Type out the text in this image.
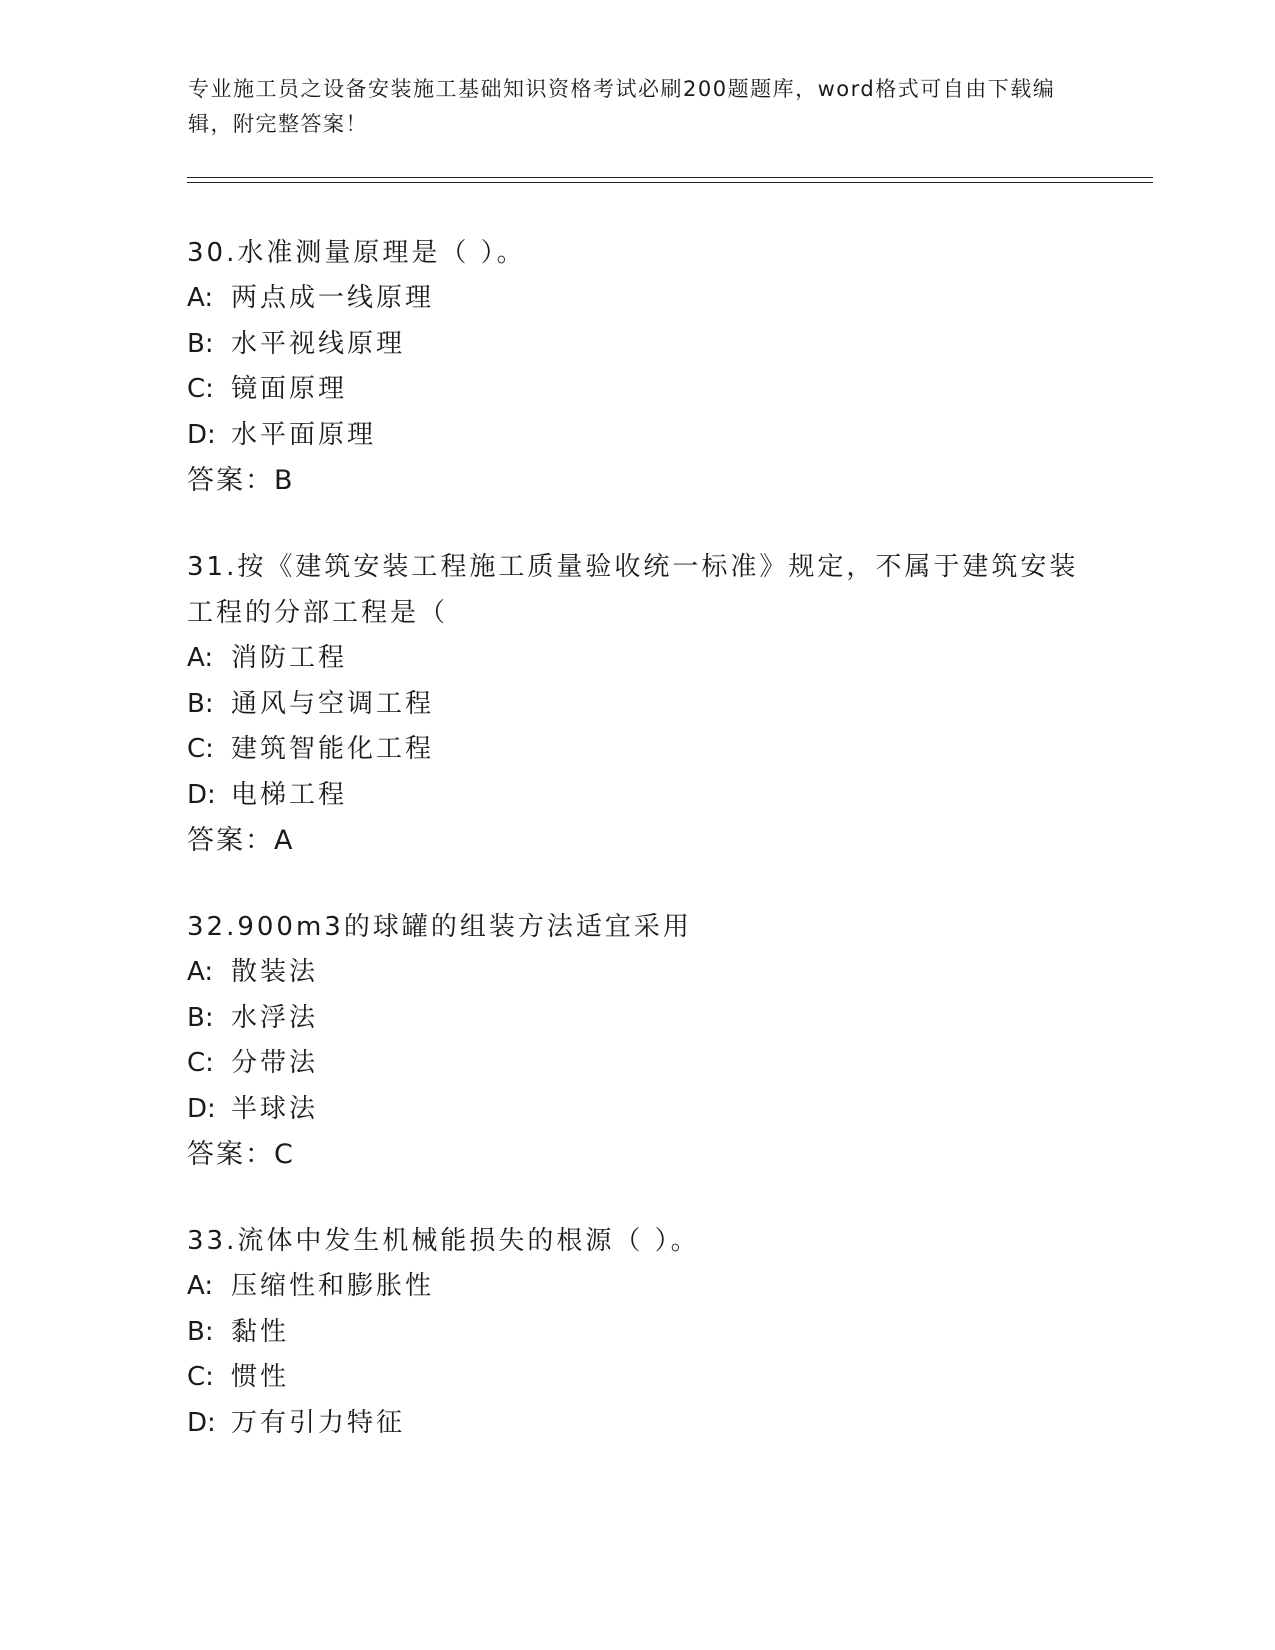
专业施工员之设备安装施工基础知识资格考试必刷200题题库，word格式可自由下载编辑，附完整答案！
30.水准测量原理是（ ）。
A: 两点成一线原理
B: 水平视线原理
C: 镜面原理
D: 水平面原理
答案：B
31.按《建筑安装工程施工质量验收统一标准》规定，不属于建筑安装工程的分部工程是（
A: 消防工程
B: 通风与空调工程
C: 建筑智能化工程
D: 电梯工程
答案：A
32.900m3的球罐的组装方法适宜采用
A: 散装法
B: 水浮法
C: 分带法
D: 半球法
答案：C
33.流体中发生机械能损失的根源（ ）。
A: 压缩性和膨胀性
B: 黏性
C: 惯性
D: 万有引力特征
